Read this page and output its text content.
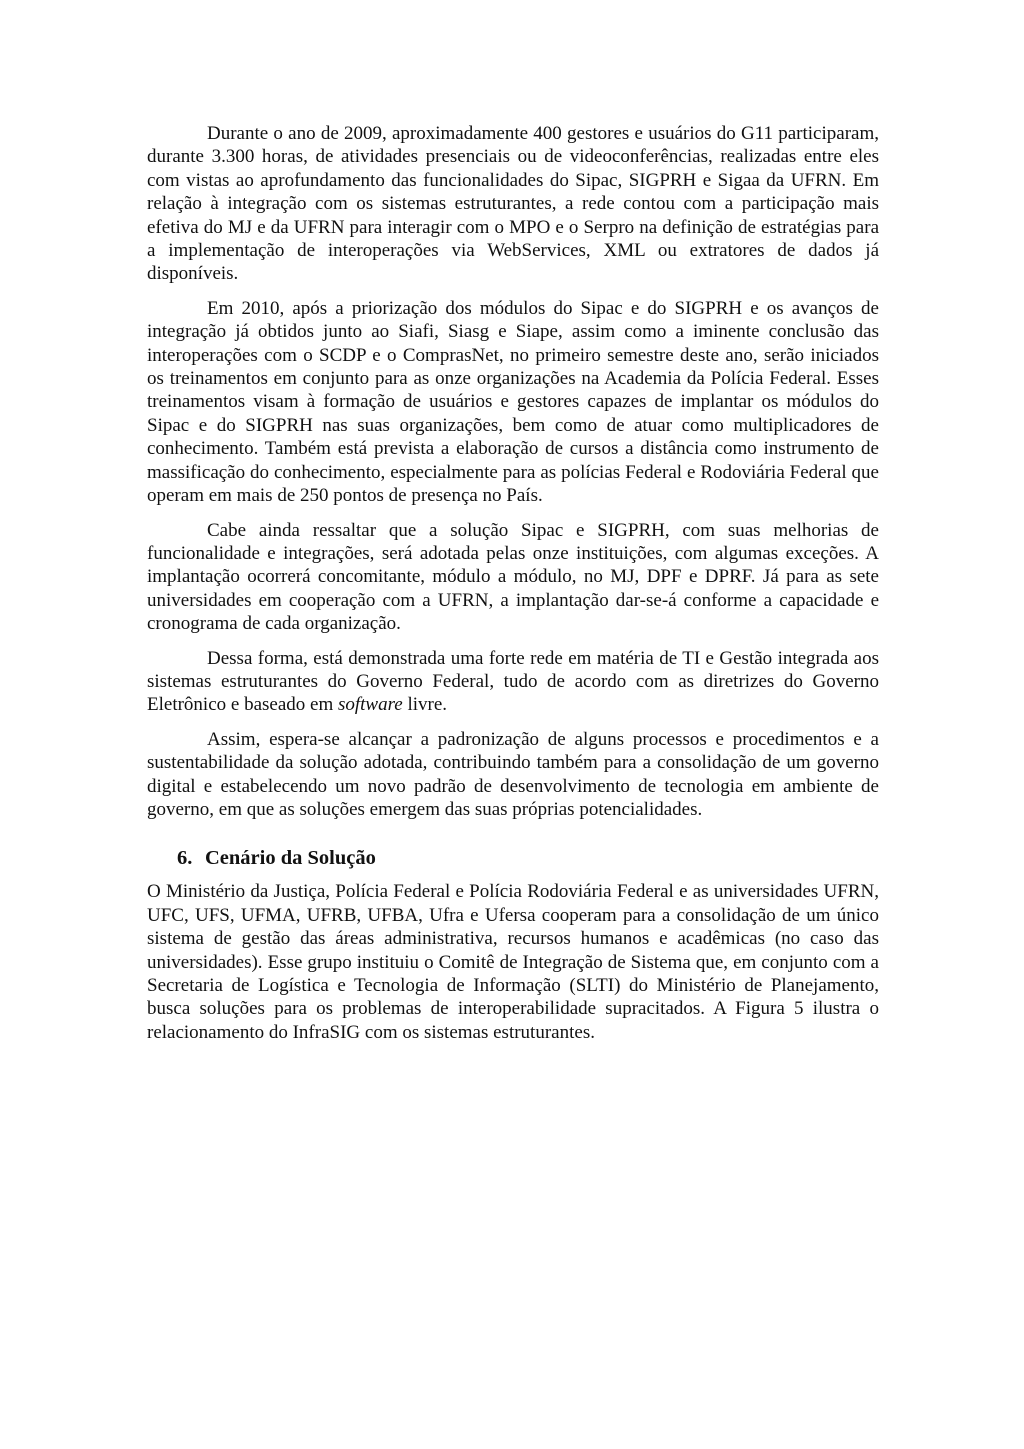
Durante o ano de 2009, aproximadamente 400 gestores e usuários do G11 participaram, durante 3.300 horas, de atividades presenciais ou de videoconferências, realizadas entre eles com vistas ao aprofundamento das funcionalidades do Sipac, SIGPRH e Sigaa da UFRN. Em relação à integração com os sistemas estruturantes, a rede contou com a participação mais efetiva do MJ e da UFRN para interagir com o MPO e o Serpro na definição de estratégias para a implementação de interoperações via WebServices, XML ou extratores de dados já disponíveis.

Em 2010, após a priorização dos módulos do Sipac e do SIGPRH e os avanços de integração já obtidos junto ao Siafi, Siasg e Siape, assim como a iminente conclusão das interoperações com o SCDP e o ComprasNet, no primeiro semestre deste ano, serão iniciados os treinamentos em conjunto para as onze organizações na Academia da Polícia Federal. Esses treinamentos visam à formação de usuários e gestores capazes de implantar os módulos do Sipac e do SIGPRH nas suas organizações, bem como de atuar como multiplicadores de conhecimento. Também está prevista a elaboração de cursos a distância como instrumento de massificação do conhecimento, especialmente para as polícias Federal e Rodoviária Federal que operam em mais de 250 pontos de presença no País.

Cabe ainda ressaltar que a solução Sipac e SIGPRH, com suas melhorias de funcionalidade e integrações, será adotada pelas onze instituições, com algumas exceções. A implantação ocorrerá concomitante, módulo a módulo, no MJ, DPF e DPRF. Já para as sete universidades em cooperação com a UFRN, a implantação dar-se-á conforme a capacidade e cronograma de cada organização.

Dessa forma, está demonstrada uma forte rede em matéria de TI e Gestão integrada aos sistemas estruturantes do Governo Federal, tudo de acordo com as diretrizes do Governo Eletrônico e baseado em software livre.

Assim, espera-se alcançar a padronização de alguns processos e procedimentos e a sustentabilidade da solução adotada, contribuindo também para a consolidação de um governo digital e estabelecendo um novo padrão de desenvolvimento de tecnologia em ambiente de governo, em que as soluções emergem das suas próprias potencialidades.

6. Cenário da Solução

O Ministério da Justiça, Polícia Federal e Polícia Rodoviária Federal e as universidades UFRN, UFC, UFS, UFMA, UFRB, UFBA, Ufra e Ufersa cooperam para a consolidação de um único sistema de gestão das áreas administrativa, recursos humanos e acadêmicas (no caso das universidades). Esse grupo instituiu o Comitê de Integração de Sistema que, em conjunto com a Secretaria de Logística e Tecnologia de Informação (SLTI) do Ministério de Planejamento, busca soluções para os problemas de interoperabilidade supracitados. A Figura 5 ilustra o relacionamento do InfraSIG com os sistemas estruturantes.
